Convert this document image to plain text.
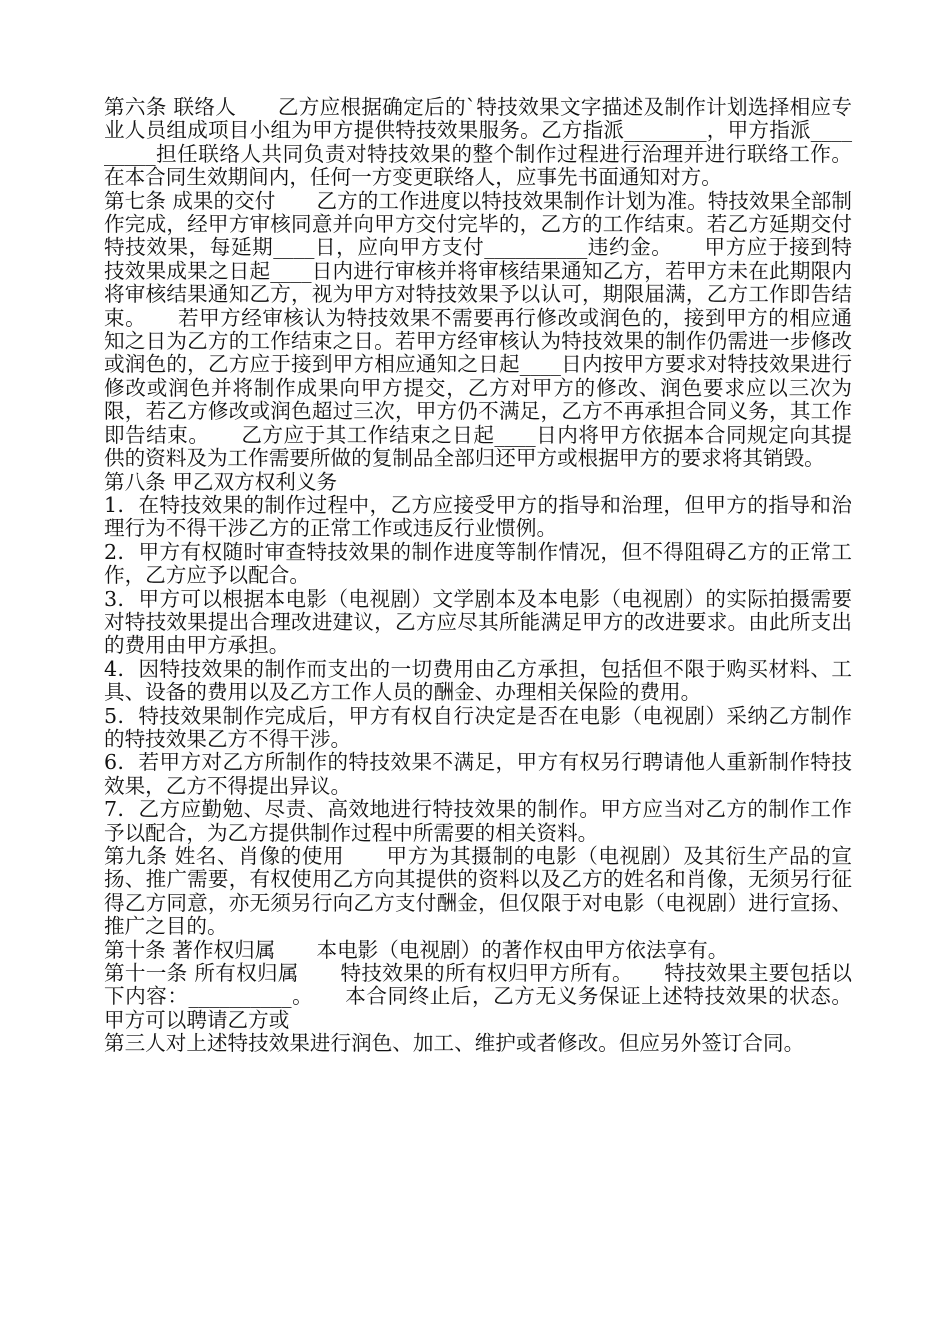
第六条 联络人　　乙方应根据确定后的`特技效果文字描述及制作计划选择相应专业人员组成项目小组为甲方提供特技效果服务。乙方指派________，甲方指派_________担任联络人共同负责对特技效果的整个制作过程进行治理并进行联络工作。在本合同生效期间内，任何一方变更联络人，应事先书面通知对方。

第七条 成果的交付　　乙方的工作进度以特技效果制作计划为准。特技效果全部制作完成，经甲方审核同意并向甲方交付完毕的，乙方的工作结束。若乙方延期交付特技效果，每延期____日，应向甲方支付__________违约金。　　甲方应于接到特技效果成果之日起____日内进行审核并将审核结果通知乙方，若甲方未在此期限内将审核结果通知乙方，视为甲方对特技效果予以认可，期限届满，乙方工作即告结束。　　若甲方经审核认为特技效果不需要再行修改或润色的，接到甲方的相应通知之日为乙方的工作结束之日。若甲方经审核认为特技效果的制作仍需进一步修改或润色的，乙方应于接到甲方相应通知之日起____日内按甲方要求对特技效果进行修改或润色并将制作成果向甲方提交，乙方对甲方的修改、润色要求应以三次为限，若乙方修改或润色超过三次，甲方仍不满足，乙方不再承担合同义务，其工作即告结束。　　乙方应于其工作结束之日起____日内将甲方依据本合同规定向其提供的资料及为工作需要所做的复制品全部归还甲方或根据甲方的要求将其销毁。

第八条 甲乙双方权利义务

1．在特技效果的制作过程中，乙方应接受甲方的指导和治理，但甲方的指导和治理行为不得干涉乙方的正常工作或违反行业惯例。

2．甲方有权随时审查特技效果的制作进度等制作情况，但不得阻碍乙方的正常工作，乙方应予以配合。

3．甲方可以根据本电影（电视剧）文学剧本及本电影（电视剧）的实际拍摄需要对特技效果提出合理改进建议，乙方应尽其所能满足甲方的改进要求。由此所支出的费用由甲方承担。

4．因特技效果的制作而支出的一切费用由乙方承担，包括但不限于购买材料、工具、设备的费用以及乙方工作人员的酬金、办理相关保险的费用。

5．特技效果制作完成后，甲方有权自行决定是否在电影（电视剧）采纳乙方制作的特技效果乙方不得干涉。

6．若甲方对乙方所制作的特技效果不满足，甲方有权另行聘请他人重新制作特技效果，乙方不得提出异议。

7．乙方应勤勉、尽责、高效地进行特技效果的制作。甲方应当对乙方的制作工作予以配合，为乙方提供制作过程中所需要的相关资料。

第九条 姓名、肖像的使用　　甲方为其摄制的电影（电视剧）及其衍生产品的宣扬、推广需要，有权使用乙方向其提供的资料以及乙方的姓名和肖像，无须另行征得乙方同意，亦无须另行向乙方支付酬金，但仅限于对电影（电视剧）进行宣扬、推广之目的。

第十条 著作权归属　　本电影（电视剧）的著作权由甲方依法享有。

第十一条 所有权归属　　特技效果的所有权归甲方所有。　　特技效果主要包括以下内容：__________。　　本合同终止后，乙方无义务保证上述特技效果的状态。甲方可以聘请乙方或

第三人对上述特技效果进行润色、加工、维护或者修改。但应另外签订合同。
